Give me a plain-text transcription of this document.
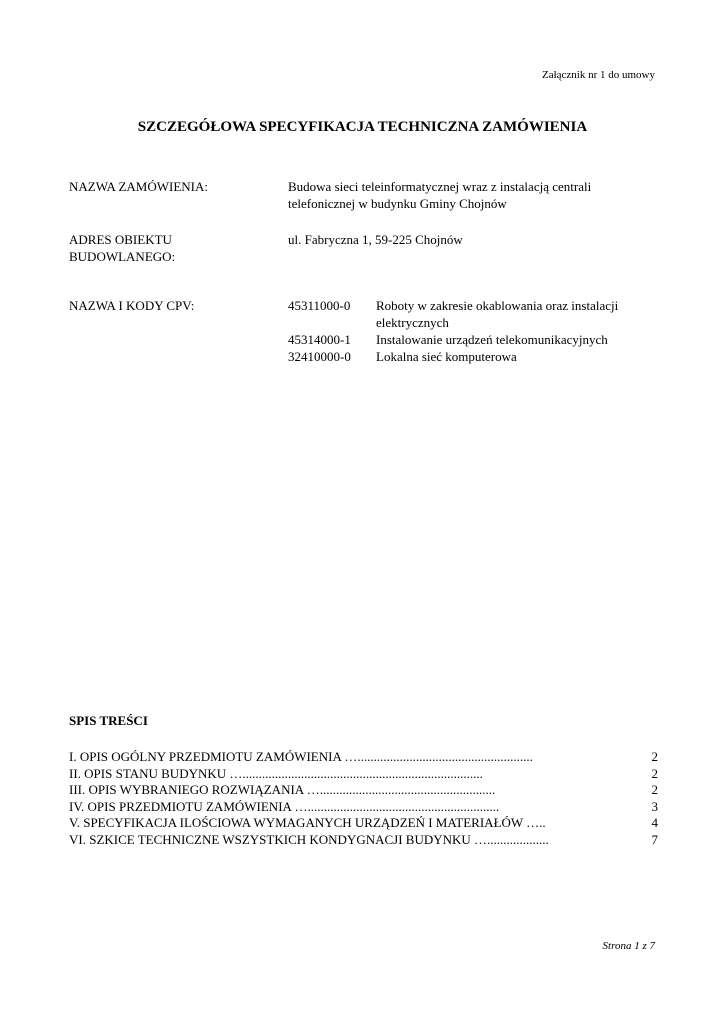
Załącznik nr 1 do umowy
SZCZEGÓŁOWA SPECYFIKACJA TECHNICZNA ZAMÓWIENIA
NAZWA ZAMÓWIENIA:	Budowa sieci teleinformatycznej wraz z instalacją centrali
telefonicznej w budynku Gminy Chojnów
ADRES OBIEKTU
BUDOWLANEGO:
ul. Fabryczna 1, 59-225 Chojnów
NAZWA I KODY CPV:	45311000-0	Roboty w zakresie okablowania oraz instalacji
elektrycznych
45314000-1	Instalowanie urządzeń telekomunikacyjnych
32410000-0	Lokalna sieć komputerowa
SPIS TREŚCI
I. OPIS OGÓLNY PRZEDMIOTU ZAMÓWIENIA …......................................................	2
II. OPIS STANU BUDYNKU …..........................................................................	2
III. OPIS WYBRANIEGO ROZWIĄZANIA …......................................................	2
IV. OPIS PRZEDMIOTU ZAMÓWIENIA …...........................................................	3
V. SPECYFIKACJA ILOŚCIOWA WYMAGANYCH URZĄDZEŃ I MATERIAŁÓW …..	4
VI. SZKICE TECHNICZNE WSZYSTKICH KONDYGNACJI BUDYNKU …...................	7
Strona 1 z 7
